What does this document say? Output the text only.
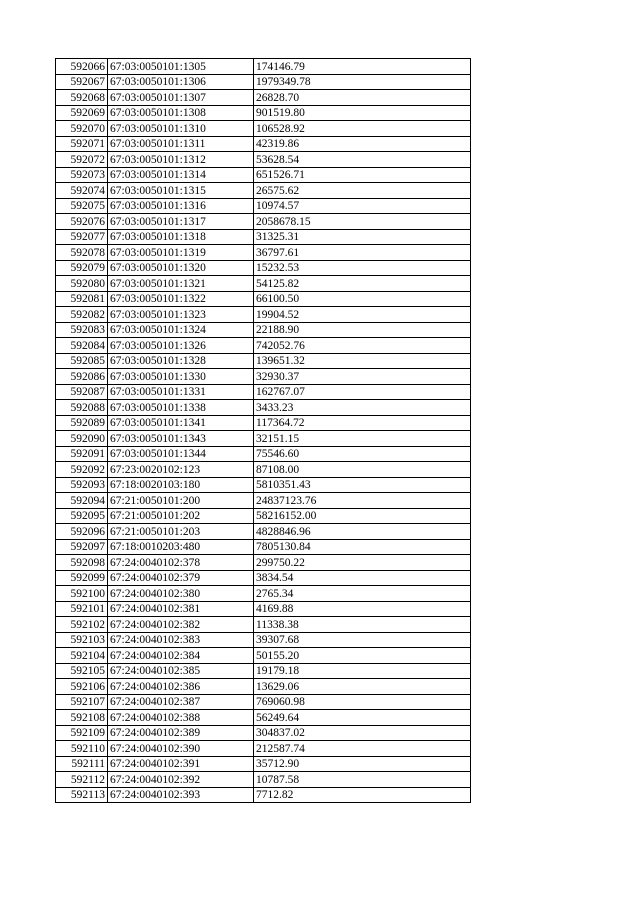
592066	67:03:0050101:1305	174146.79
592067	67:03:0050101:1306	1979349.78
592068	67:03:0050101:1307	26828.70
592069	67:03:0050101:1308	901519.80
592070	67:03:0050101:1310	106528.92
592071	67:03:0050101:1311	42319.86
592072	67:03:0050101:1312	53628.54
592073	67:03:0050101:1314	651526.71
592074	67:03:0050101:1315	26575.62
592075	67:03:0050101:1316	10974.57
592076	67:03:0050101:1317	2058678.15
592077	67:03:0050101:1318	31325.31
592078	67:03:0050101:1319	36797.61
592079	67:03:0050101:1320	15232.53
592080	67:03:0050101:1321	54125.82
592081	67:03:0050101:1322	66100.50
592082	67:03:0050101:1323	19904.52
592083	67:03:0050101:1324	22188.90
592084	67:03:0050101:1326	742052.76
592085	67:03:0050101:1328	139651.32
592086	67:03:0050101:1330	32930.37
592087	67:03:0050101:1331	162767.07
592088	67:03:0050101:1338	3433.23
592089	67:03:0050101:1341	117364.72
592090	67:03:0050101:1343	32151.15
592091	67:03:0050101:1344	75546.60
592092	67:23:0020102:123	87108.00
592093	67:18:0020103:180	5810351.43
592094	67:21:0050101:200	24837123.76
592095	67:21:0050101:202	58216152.00
592096	67:21:0050101:203	4828846.96
592097	67:18:0010203:480	7805130.84
592098	67:24:0040102:378	299750.22
592099	67:24:0040102:379	3834.54
592100	67:24:0040102:380	2765.34
592101	67:24:0040102:381	4169.88
592102	67:24:0040102:382	11338.38
592103	67:24:0040102:383	39307.68
592104	67:24:0040102:384	50155.20
592105	67:24:0040102:385	19179.18
592106	67:24:0040102:386	13629.06
592107	67:24:0040102:387	769060.98
592108	67:24:0040102:388	56249.64
592109	67:24:0040102:389	304837.02
592110	67:24:0040102:390	212587.74
592111	67:24:0040102:391	35712.90
592112	67:24:0040102:392	10787.58
592113	67:24:0040102:393	7712.82
